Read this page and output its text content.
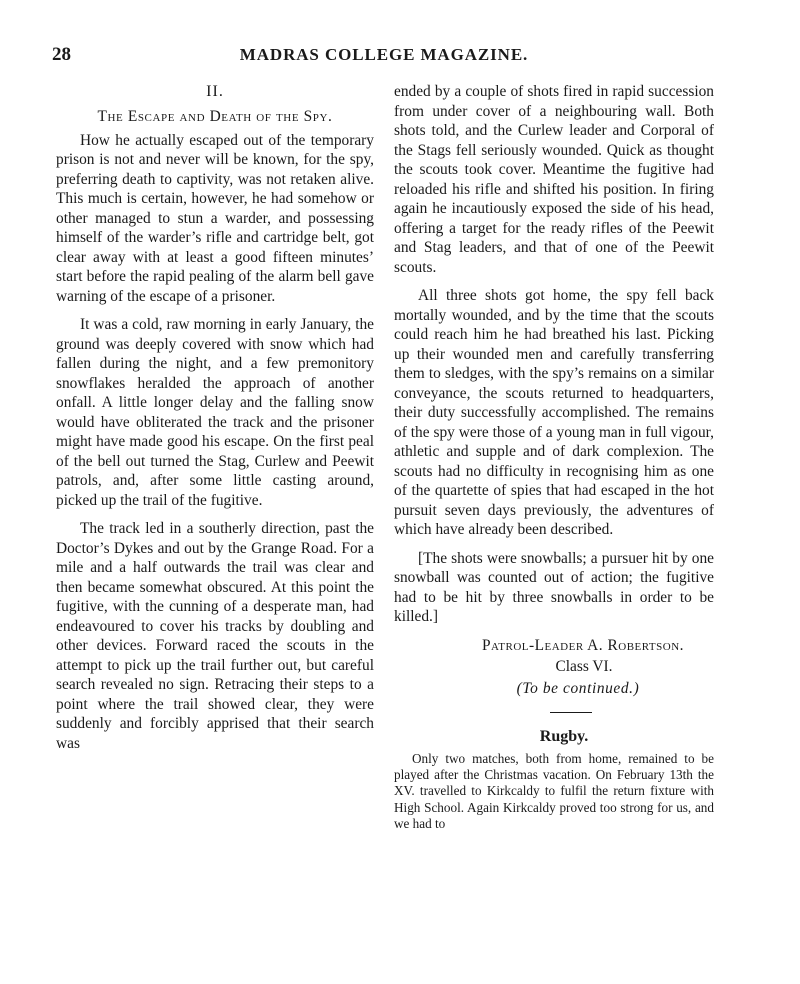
28	MADRAS COLLEGE MAGAZINE.
II.
The Escape and Death of the Spy.

How he actually escaped out of the temporary prison is not and never will be known, for the spy, preferring death to captivity, was not retaken alive. This much is certain, however, he had somehow or other managed to stun a warder, and possessing himself of the warder’s rifle and cartridge belt, got clear away with at least a good fifteen minutes’ start before the rapid pealing of the alarm bell gave warning of the escape of a prisoner.

It was a cold, raw morning in early January, the ground was deeply covered with snow which had fallen during the night, and a few premonitory snowflakes heralded the approach of another onfall. A little longer delay and the falling snow would have obliterated the track and the prisoner might have made good his escape. On the first peal of the bell out turned the Stag, Curlew and Peewit patrols, and, after some little casting around, picked up the trail of the fugitive.

The track led in a southerly direction, past the Doctor’s Dykes and out by the Grange Road. For a mile and a half outwards the trail was clear and then became somewhat obscured. At this point the fugitive, with the cunning of a desperate man, had endeavoured to cover his tracks by doubling and other devices. Forward raced the scouts in the attempt to pick up the trail further out, but careful search revealed no sign. Retracing their steps to a point where the trail showed clear, they were suddenly and forcibly apprised that their search was

ended by a couple of shots fired in rapid succession from under cover of a neighbouring wall. Both shots told, and the Curlew leader and Corporal of the Stags fell seriously wounded. Quick as thought the scouts took cover. Meantime the fugitive had reloaded his rifle and shifted his position. In firing again he incautiously exposed the side of his head, offering a target for the ready rifles of the Peewit and Stag leaders, and that of one of the Peewit scouts.

All three shots got home, the spy fell back mortally wounded, and by the time that the scouts could reach him he had breathed his last. Picking up their wounded men and carefully transferring them to sledges, with the spy’s remains on a similar conveyance, the scouts returned to headquarters, their duty successfully accomplished. The remains of the spy were those of a young man in full vigour, athletic and supple and of dark complexion. The scouts had no difficulty in recognising him as one of the quartette of spies that had escaped in the hot pursuit seven days previously, the adventures of which have already been described.

[The shots were snowballs; a pursuer hit by one snowball was counted out of action; the fugitive had to be hit by three snowballs in order to be killed.]

Patrol-Leader A. Robertson.
Class VI.
(To be continued.)
Rugby.

Only two matches, both from home, remained to be played after the Christmas vacation. On February 13th the XV. travelled to Kirkcaldy to fulfil the return fixture with High School. Again Kirkcaldy proved too strong for us, and we had to
